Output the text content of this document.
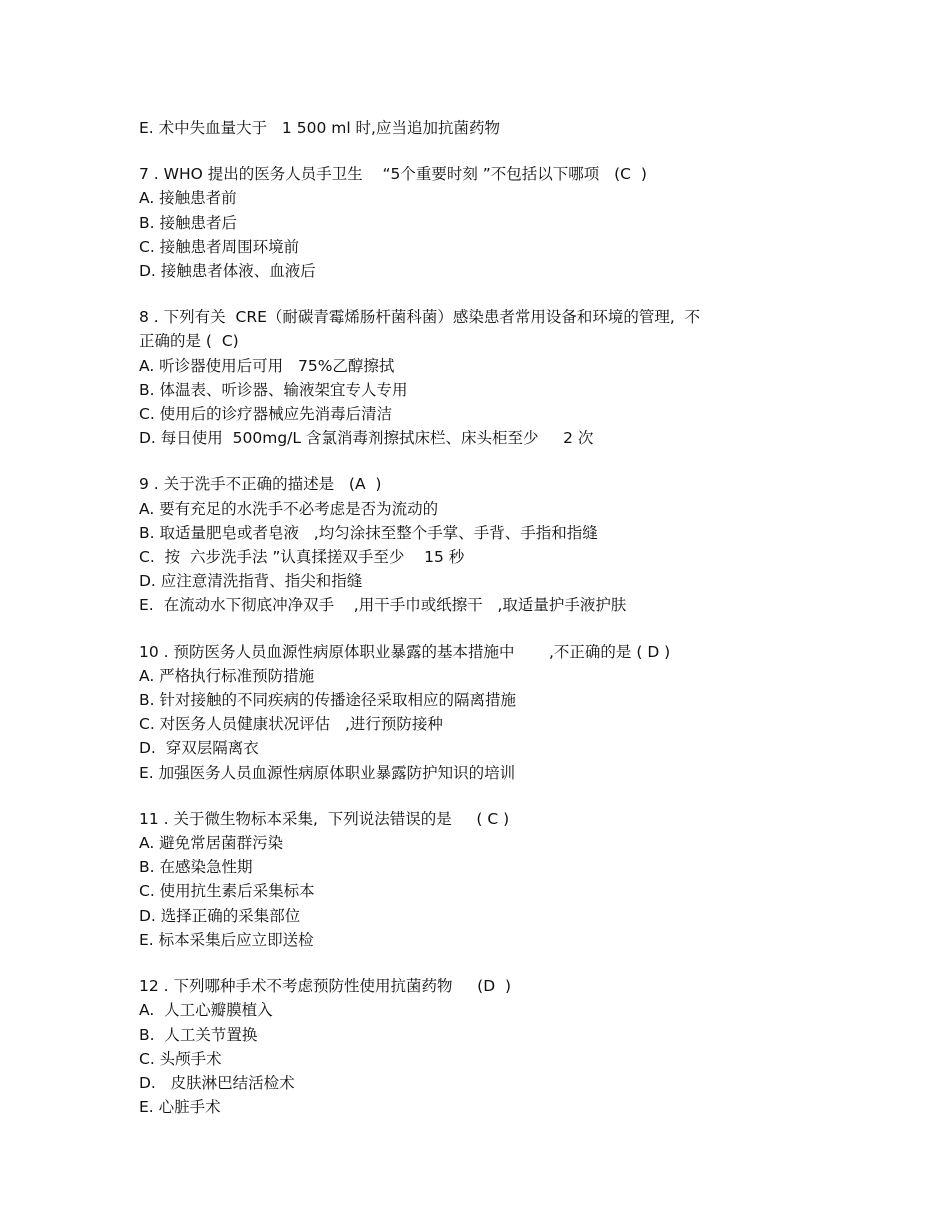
E. 术中失血量大于   1 500 ml 时,应当追加抗菌药物
7 . WHO 提出的医务人员手卫生    “5个重要时刻 ”不包括以下哪项   (C  )
A. 接触患者前
B. 接触患者后
C. 接触患者周围环境前
D. 接触患者体液、血液后
8 . 下列有关  CRE（耐碳青霉烯肠杆菌科菌）感染患者常用设备和环境的管理,  不
正确的是 (  C)
A. 听诊器使用后可用   75%乙醇擦拭
B. 体温表、听诊器、输液架宜专人专用
C. 使用后的诊疗器械应先消毒后清洁
D. 每日使用  500mg/L 含氯消毒剂擦拭床栏、床头柜至少     2 次
9 . 关于洗手不正确的描述是   (A  )
A. 要有充足的水洗手不必考虑是否为流动的
B. 取适量肥皂或者皂液   ,均匀涂抹至整个手掌、手背、手指和指缝
C.  按  六步洗手法 ”认真揉搓双手至少    15 秒
D. 应注意清洗指背、指尖和指缝
E.  在流动水下彻底冲净双手    ,用干手巾或纸擦干   ,取适量护手液护肤
10 . 预防医务人员血源性病原体职业暴露的基本措施中       ,不正确的是 ( D )
A. 严格执行标准预防措施
B. 针对接触的不同疾病的传播途径采取相应的隔离措施
C. 对医务人员健康状况评估   ,进行预防接种
D.  穿双层隔离衣
E. 加强医务人员血源性病原体职业暴露防护知识的培训
11 . 关于微生物标本采集,  下列说法错误的是     ( C )
A. 避免常居菌群污染
B. 在感染急性期
C. 使用抗生素后采集标本
D. 选择正确的采集部位
E. 标本采集后应立即送检
12 . 下列哪种手术不考虑预防性使用抗菌药物     (D  )
A.  人工心瓣膜植入
B.  人工关节置换
C. 头颅手术
D.   皮肤淋巴结活检术
E. 心脏手术
